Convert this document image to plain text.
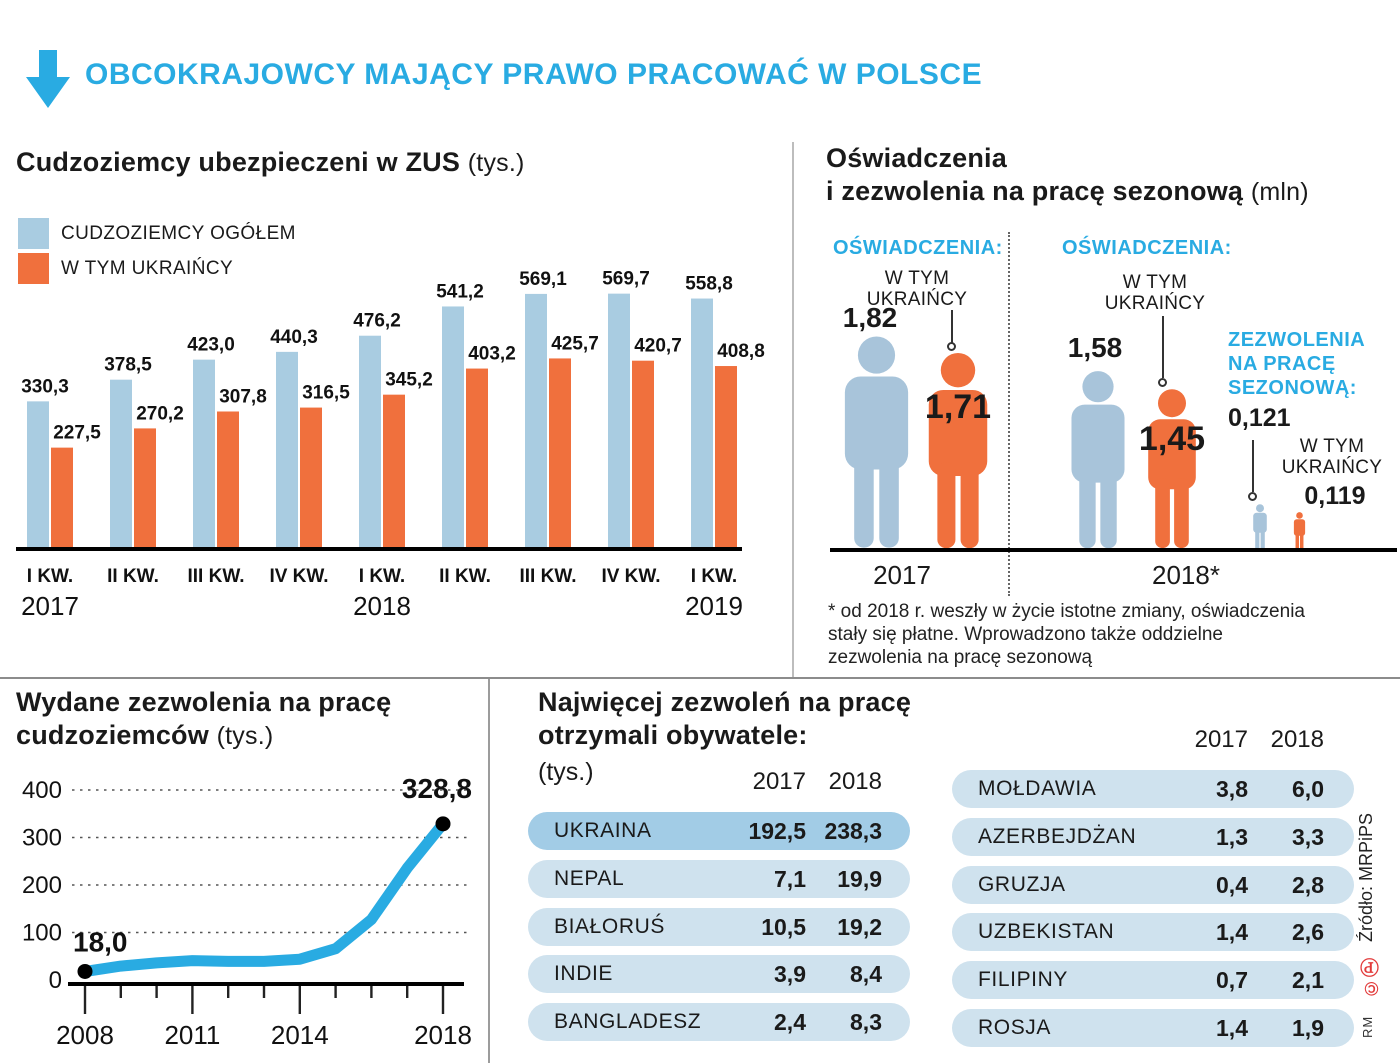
OBCOKRAJOWCY MAJĄCY PRAWO PRACOWAĆ W POLSCE
Cudzoziemcy ubezpieczeni w ZUS (tys.)
CUDZOZIEMCY OGÓŁEM
W TYM UKRAIŃCY
330,3
227,5
I KW.
2017
378,5
270,2
II KW.
423,0
307,8
III KW.
440,3
316,5
IV KW.
476,2
345,2
I KW.
2018
541,2
403,2
II KW.
569,1
425,7
III KW.
569,7
420,7
IV KW.
558,8
408,8
I KW.
2019
Oświadczenia
i zezwolenia na pracę sezonową (mln)
OŚWIADCZENIA:	OŚWIADCZENIA:
1,82
W TYM UKRAIŃCY
1,71
1,58
W TYM UKRAIŃCY
1,45
ZEZWOLENIA NA PRACĘ SEZONOWĄ:
0,121
W TYM UKRAIŃCY
0,119
2017	2018*
* od 2018 r. weszły w życie istotne zmiany, oświadczenia
stały się płatne. Wprowadzono także oddzielne
zezwolenia na pracę sezonową
Wydane zezwolenia na pracę
cudzoziemców (tys.)
0
100
200
300
400
2008 2011 2014	2018
18,0
328,8
Najwięcej zezwoleń na pracę
otrzymali obywatele:
(tys.)	2017 2018
UKRAINA	192,5 238,3
NEPAL	7,1	19,9
BIAŁORUŚ	10,5	19,2
INDIE	3,9	8,4
BANGLADESZ	2,4	8,3
2017 2018
MOŁDAWIA	3,8	6,0
AZERBEJDŻAN	1,3	3,3
GRUZJA	0,4	2,8
UZBEKISTAN	1,4	2,6
FILIPINY	0,7	2,1
ROSJA	1,4	1,9
Źródło: MRPiPS
©Ⓟ
RM
